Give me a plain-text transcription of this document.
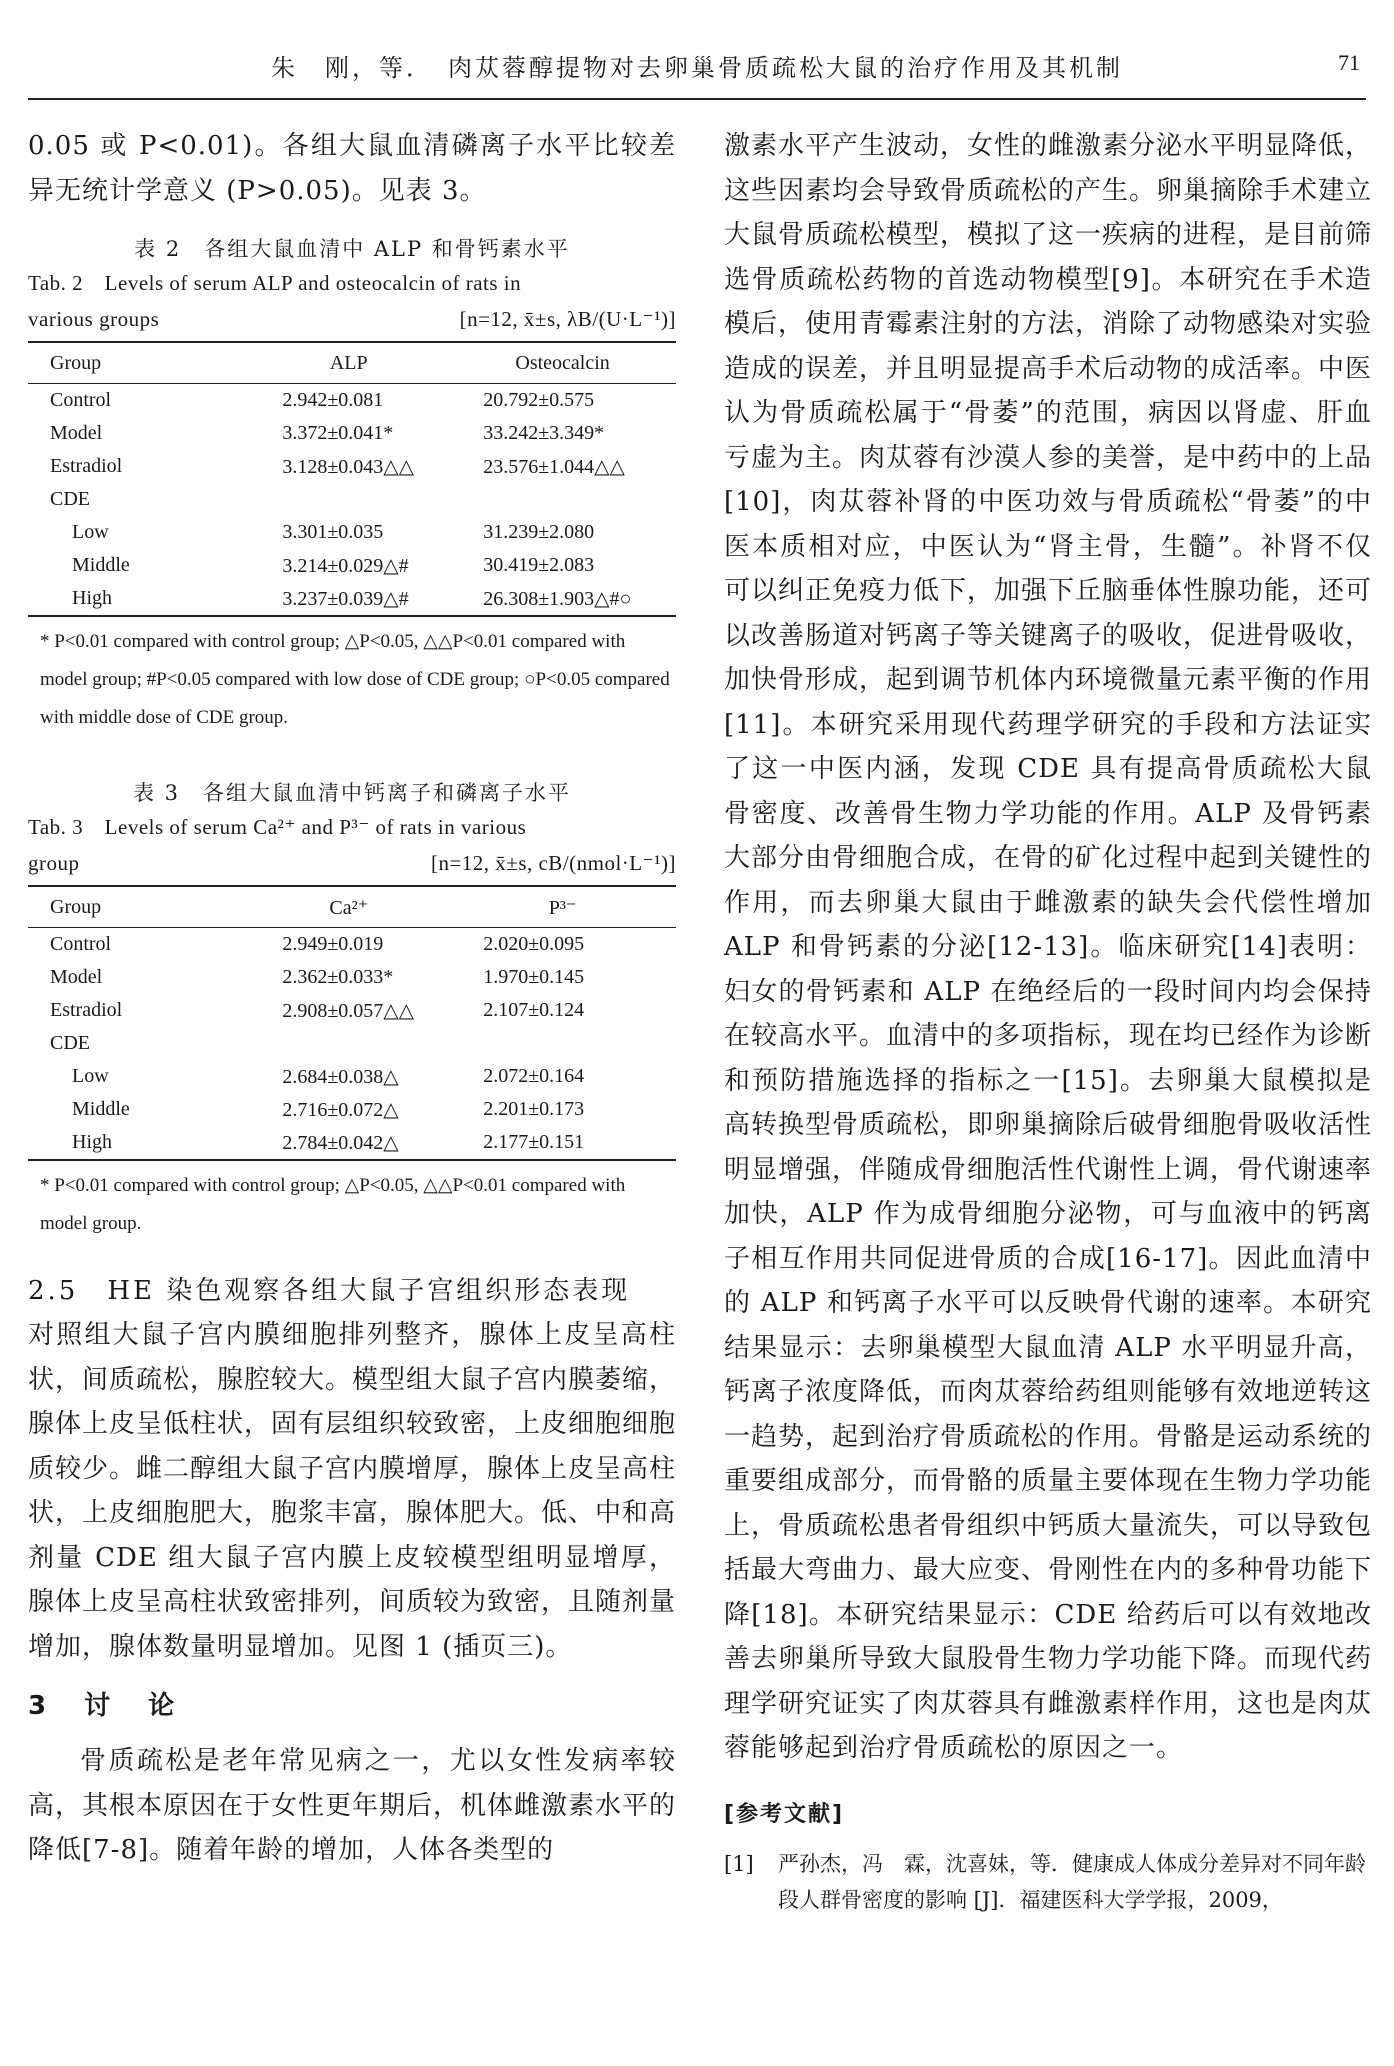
朱　刚，等．　肉苁蓉醇提物对去卵巢骨质疏松大鼠的治疗作用及其机制	71

0.05 或 P<0.01)。各组大鼠血清磷离子水平比较差异无统计学意义 (P>0.05)。见表 3。

表 2　各组大鼠血清中 ALP 和骨钙素水平
Tab. 2　Levels of serum ALP and osteocalcin of rats in
various groups	[n=12, x̄±s, λB/(U·L⁻¹)]
Group	ALP	Osteocalcin
Control	2.942±0.081	20.792±0.575
Model	3.372±0.041*	33.242±3.349*
Estradiol	3.128±0.043△△	23.576±1.044△△
CDE		
Low	3.301±0.035	31.239±2.080
Middle	3.214±0.029△#	30.419±2.083
High	3.237±0.039△#	26.308±1.903△#○

* P<0.01 compared with control group; △P<0.05, △△P<0.01 compared with model group; #P<0.05 compared with low dose of CDE group; ○P<0.05 compared with middle dose of CDE group.

表 3　各组大鼠血清中钙离子和磷离子水平
Tab. 3　Levels of serum Ca²⁺ and P³⁻ of rats in various
group	[n=12, x̄±s, cB/(nmol·L⁻¹)]
Group	Ca²⁺	P³⁻
Control	2.949±0.019	2.020±0.095
Model	2.362±0.033*	1.970±0.145
Estradiol	2.908±0.057△△	2.107±0.124
CDE		
Low	2.684±0.038△	2.072±0.164
Middle	2.716±0.072△	2.201±0.173
High	2.784±0.042△	2.177±0.151

* P<0.01 compared with control group; △P<0.05, △△P<0.01 compared with model group.

2.5　HE 染色观察各组大鼠子宫组织形态表现

对照组大鼠子宫内膜细胞排列整齐，腺体上皮呈高柱状，间质疏松，腺腔较大。模型组大鼠子宫内膜萎缩，腺体上皮呈低柱状，固有层组织较致密，上皮细胞细胞质较少。雌二醇组大鼠子宫内膜增厚，腺体上皮呈高柱状，上皮细胞肥大，胞浆丰富，腺体肥大。低、中和高剂量 CDE 组大鼠子宫内膜上皮较模型组明显增厚，腺体上皮呈高柱状致密排列，间质较为致密，且随剂量增加，腺体数量明显增加。见图 1 (插页三)。

3　讨　论

骨质疏松是老年常见病之一，尤以女性发病率较高，其根本原因在于女性更年期后，机体雌激素水平的降低[7-8]。随着年龄的增加，人体各类型的

激素水平产生波动，女性的雌激素分泌水平明显降低，这些因素均会导致骨质疏松的产生。卵巢摘除手术建立大鼠骨质疏松模型，模拟了这一疾病的进程，是目前筛选骨质疏松药物的首选动物模型[9]。本研究在手术造模后，使用青霉素注射的方法，消除了动物感染对实验造成的误差，并且明显提高手术后动物的成活率。中医认为骨质疏松属于“骨萎”的范围，病因以肾虚、肝血亏虚为主。肉苁蓉有沙漠人参的美誉，是中药中的上品[10]，肉苁蓉补肾的中医功效与骨质疏松“骨萎”的中医本质相对应，中医认为“肾主骨，生髓”。补肾不仅可以纠正免疫力低下，加强下丘脑垂体性腺功能，还可以改善肠道对钙离子等关键离子的吸收，促进骨吸收，加快骨形成，起到调节机体内环境微量元素平衡的作用[11]。本研究采用现代药理学研究的手段和方法证实了这一中医内涵，发现 CDE 具有提高骨质疏松大鼠骨密度、改善骨生物力学功能的作用。ALP 及骨钙素大部分由骨细胞合成，在骨的矿化过程中起到关键性的作用，而去卵巢大鼠由于雌激素的缺失会代偿性增加 ALP 和骨钙素的分泌[12-13]。临床研究[14]表明：妇女的骨钙素和 ALP 在绝经后的一段时间内均会保持在较高水平。血清中的多项指标，现在均已经作为诊断和预防措施选择的指标之一[15]。去卵巢大鼠模拟是高转换型骨质疏松，即卵巢摘除后破骨细胞骨吸收活性明显增强，伴随成骨细胞活性代谢性上调，骨代谢速率加快，ALP 作为成骨细胞分泌物，可与血液中的钙离子相互作用共同促进骨质的合成[16-17]。因此血清中的 ALP 和钙离子水平可以反映骨代谢的速率。本研究结果显示：去卵巢模型大鼠血清 ALP 水平明显升高，钙离子浓度降低，而肉苁蓉给药组则能够有效地逆转这一趋势，起到治疗骨质疏松的作用。骨骼是运动系统的重要组成部分，而骨骼的质量主要体现在生物力学功能上，骨质疏松患者骨组织中钙质大量流失，可以导致包括最大弯曲力、最大应变、骨刚性在内的多种骨功能下降[18]。本研究结果显示：CDE 给药后可以有效地改善去卵巢所导致大鼠股骨生物力学功能下降。而现代药理学研究证实了肉苁蓉具有雌激素样作用，这也是肉苁蓉能够起到治疗骨质疏松的原因之一。

[参考文献]
[1]	严孙杰，冯　霖，沈喜妹，等．健康成人体成分差异对不同年龄段人群骨密度的影响 [J]．福建医科大学学报，2009，
